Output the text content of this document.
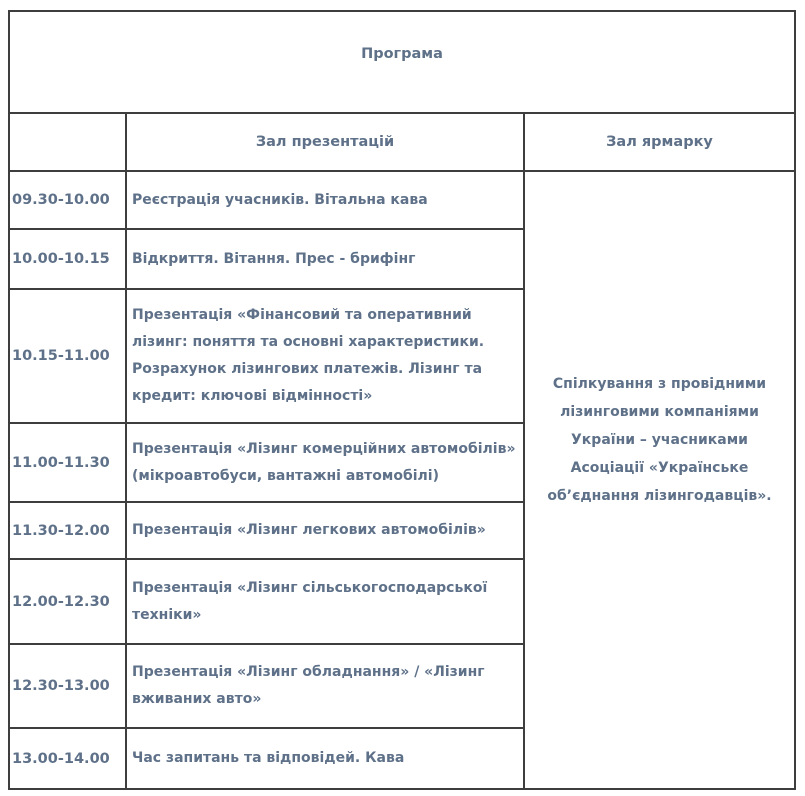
Програма		
	Зал презентацій	Зал ярмарку
09.30-10.00	Реєстрація учасників. Вітальна кава	Спілкування з провідними лізинговими компаніями України – учасниками Асоціації «Українське об’єднання лізингодавців».
10.00-10.15	Відкриття. Вітання. Прес - брифінг	
10.15-11.00	Презентація «Фінансовий та оперативний лізинг: поняття та основні характеристики. Розрахунок лізингових платежів. Лізинг та кредит: ключові відмінності»	
11.00-11.30	Презентація «Лізинг комерційних автомобілів» (мікроавтобуси, вантажні автомобілі)	
11.30-12.00	Презентація «Лізинг легкових автомобілів»	
12.00-12.30	Презентація «Лізинг сільськогосподарської техніки»	
12.30-13.00	Презентація «Лізинг обладнання» / «Лізинг вживаних авто»	
13.00-14.00	Час запитань та відповідей. Кава	
